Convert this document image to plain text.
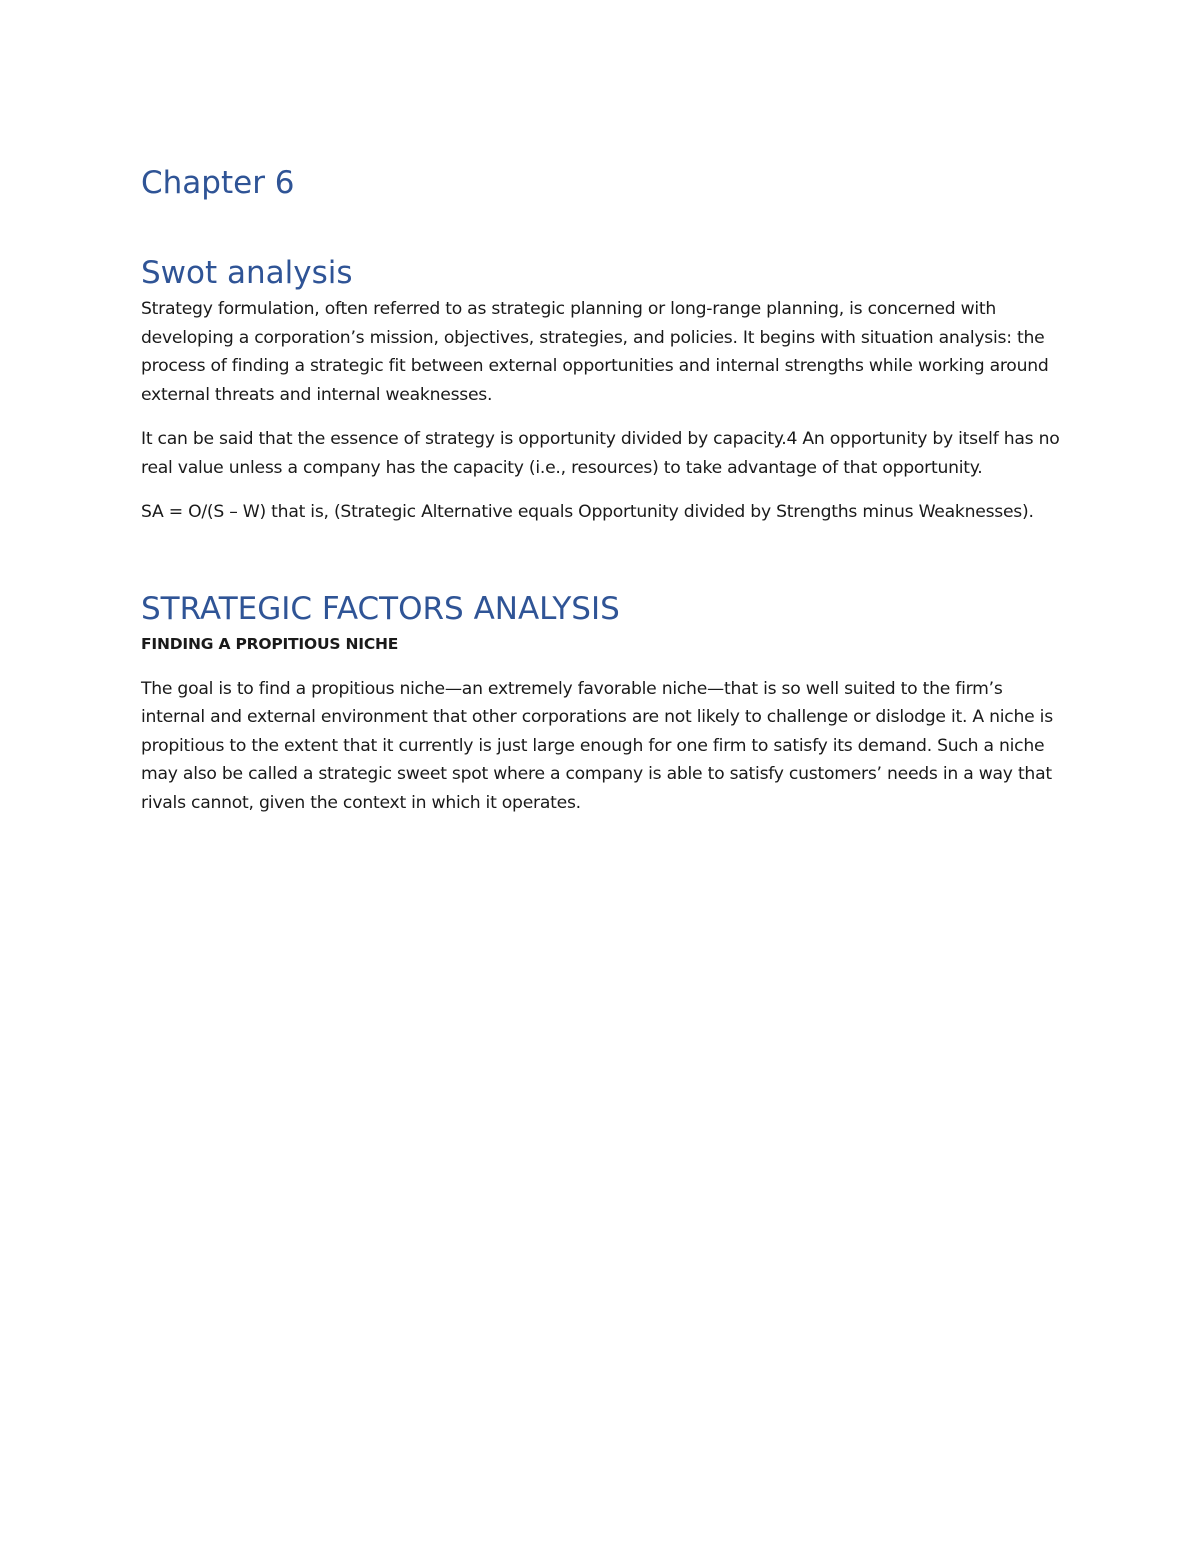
Chapter 6
Swot analysis

Strategy formulation, often referred to as strategic planning or long-range planning, is concerned with developing a corporation’s mission, objectives, strategies, and policies. It begins with situation analysis: the process of finding a strategic fit between external opportunities and internal strengths while working around external threats and internal weaknesses.

It can be said that the essence of strategy is opportunity divided by capacity.4 An opportunity by itself has no real value unless a company has the capacity (i.e., resources) to take advantage of that opportunity.

SA = O/(S – W) that is, (Strategic Alternative equals Opportunity divided by Strengths minus Weaknesses).

STRATEGIC FACTORS ANALYSIS
FINDING A PROPITIOUS NICHE

The goal is to find a propitious niche—an extremely favorable niche—that is so well suited to the firm’s internal and external environment that other corporations are not likely to challenge or dislodge it. A niche is propitious to the extent that it currently is just large enough for one firm to satisfy its demand. Such a niche may also be called a strategic sweet spot where a company is able to satisfy customers’ needs in a way that rivals cannot, given the context in which it operates.
